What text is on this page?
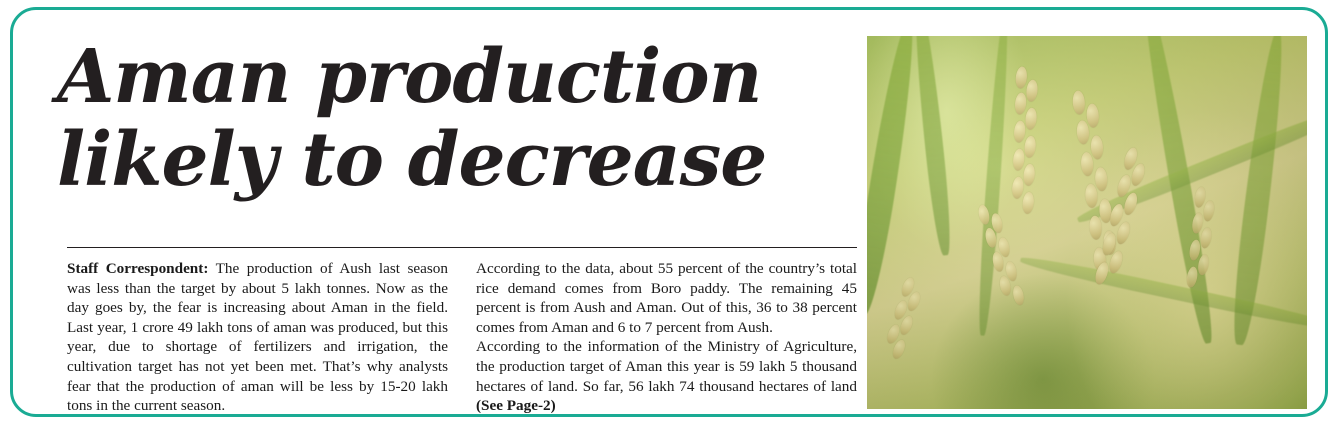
Aman production
likely to decrease

Staff Correspondent: The production of Aush last season was less than the target by about 5 lakh tonnes. Now as the day goes by, the fear is increasing about Aman in the field. Last year, 1 crore 49 lakh tons of aman was produced, but this year, due to shortage of fertilizers and irrigation, the cultivation target has not yet been met. That’s why analysts fear that the production of aman will be less by 15-20 lakh tons in the current season.

According to the data, about 55 percent of the country’s total rice demand comes from Boro paddy. The remaining 45 percent is from Aush and Aman. Out of this, 36 to 38 percent comes from Aman and 6 to 7 percent from Aush.

According to the information of the Ministry of Agriculture, the production target of Aman this year is 59 lakh 5 thousand hectares of land. So far, 56 lakh 74 thousand hectares of land (See Page-2)
